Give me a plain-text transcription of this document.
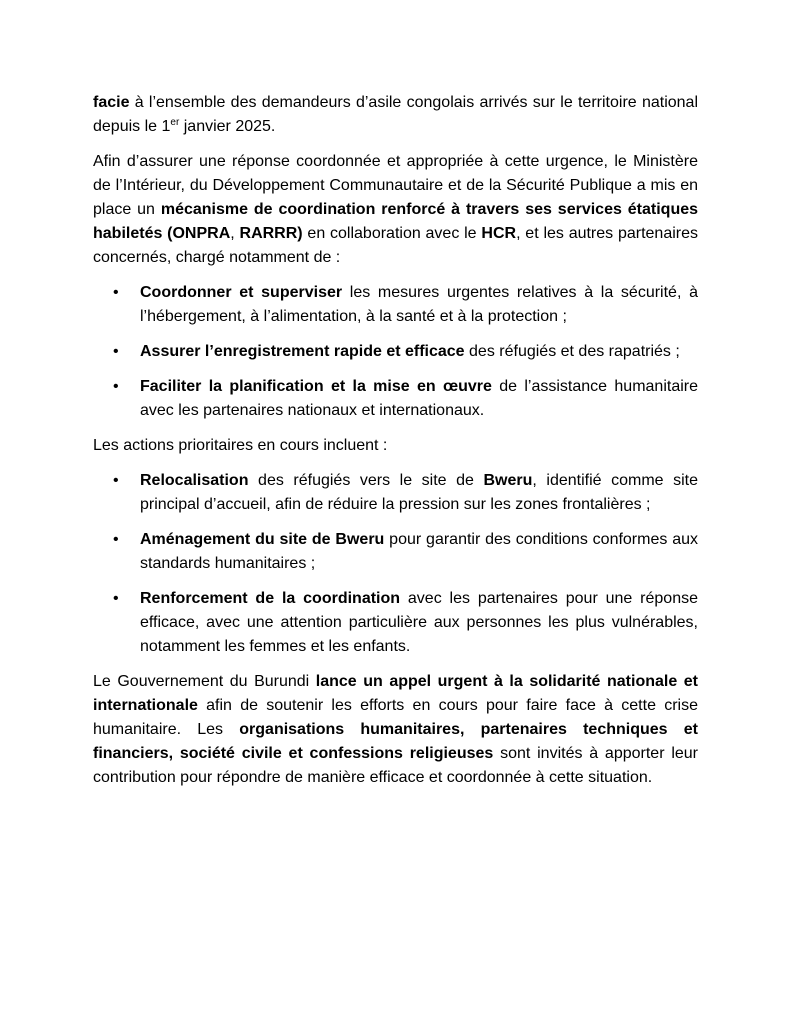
facie à l’ensemble des demandeurs d’asile congolais arrivés sur le territoire national depuis le 1er janvier 2025.

Afin d’assurer une réponse coordonnée et appropriée à cette urgence, le Ministère de l’Intérieur, du Développement Communautaire et de la Sécurité Publique a mis en place un mécanisme de coordination renforcé à travers ses services étatiques habiletés (ONPRA, RARRR) en collaboration avec le HCR, et les autres partenaires concernés, chargé notamment de :

• Coordonner et superviser les mesures urgentes relatives à la sécurité, à l’hébergement, à l’alimentation, à la santé et à la protection ;
• Assurer l’enregistrement rapide et efficace des réfugiés et des rapatriés ;
• Faciliter la planification et la mise en œuvre de l’assistance humanitaire avec les partenaires nationaux et internationaux.

Les actions prioritaires en cours incluent :

• Relocalisation des réfugiés vers le site de Bweru, identifié comme site principal d’accueil, afin de réduire la pression sur les zones frontalières ;
• Aménagement du site de Bweru pour garantir des conditions conformes aux standards humanitaires ;
• Renforcement de la coordination avec les partenaires pour une réponse efficace, avec une attention particulière aux personnes les plus vulnérables, notamment les femmes et les enfants.

Le Gouvernement du Burundi lance un appel urgent à la solidarité nationale et internationale afin de soutenir les efforts en cours pour faire face à cette crise humanitaire. Les organisations humanitaires, partenaires techniques et financiers, société civile et confessions religieuses sont invités à apporter leur contribution pour répondre de manière efficace et coordonnée à cette situation.
